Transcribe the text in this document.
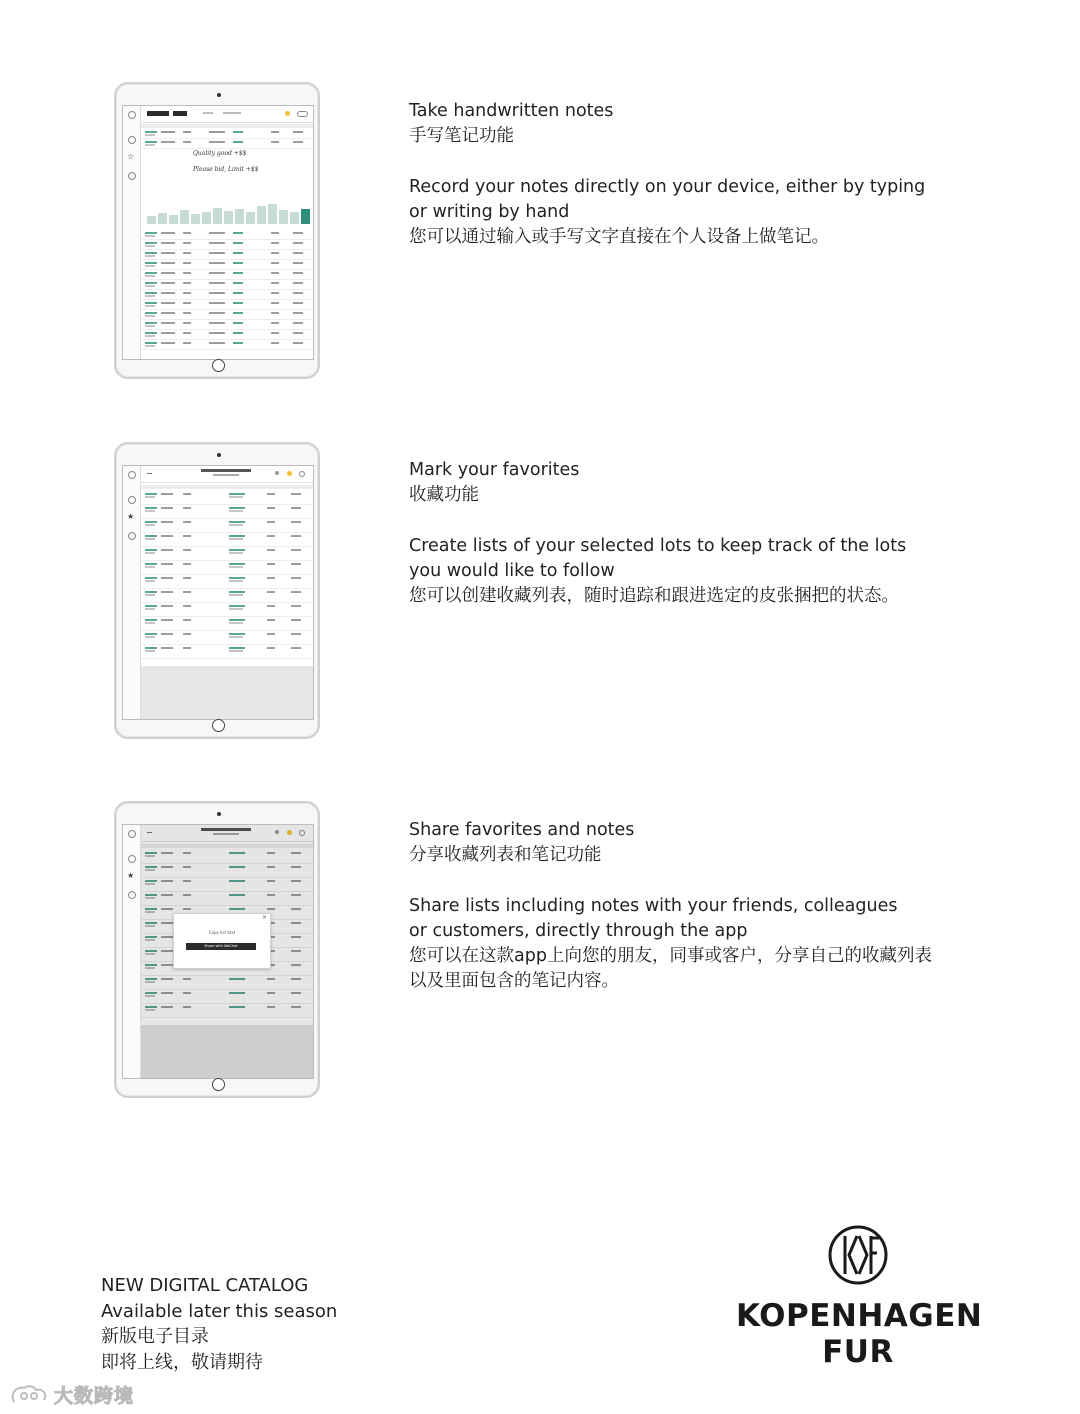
☆	Quality good +$$
Please bid, Limit +$$
★
★
×
Copy list text
Share with WeChat

Take handwritten notes

手写笔记功能

Record your notes directly on your device, either by typing

or writing by hand

您可以通过输入或手写文字直接在个人设备上做笔记。

Mark your favorites

收藏功能

Create lists of your selected lots to keep track of the lots

you would like to follow

您可以创建收藏列表，随时追踪和跟进选定的皮张捆把的状态。

Share favorites and notes

分享收藏列表和笔记功能

Share lists including notes with your friends, colleagues

or customers, directly through the app

您可以在这款app上向您的朋友，同事或客户，分享自己的收藏列表

以及里面包含的笔记内容。

NEW DIGITAL CATALOG

Available later this season

新版电子目录

即将上线，敬请期待

KOPENHAGEN
FUR
大数跨境
